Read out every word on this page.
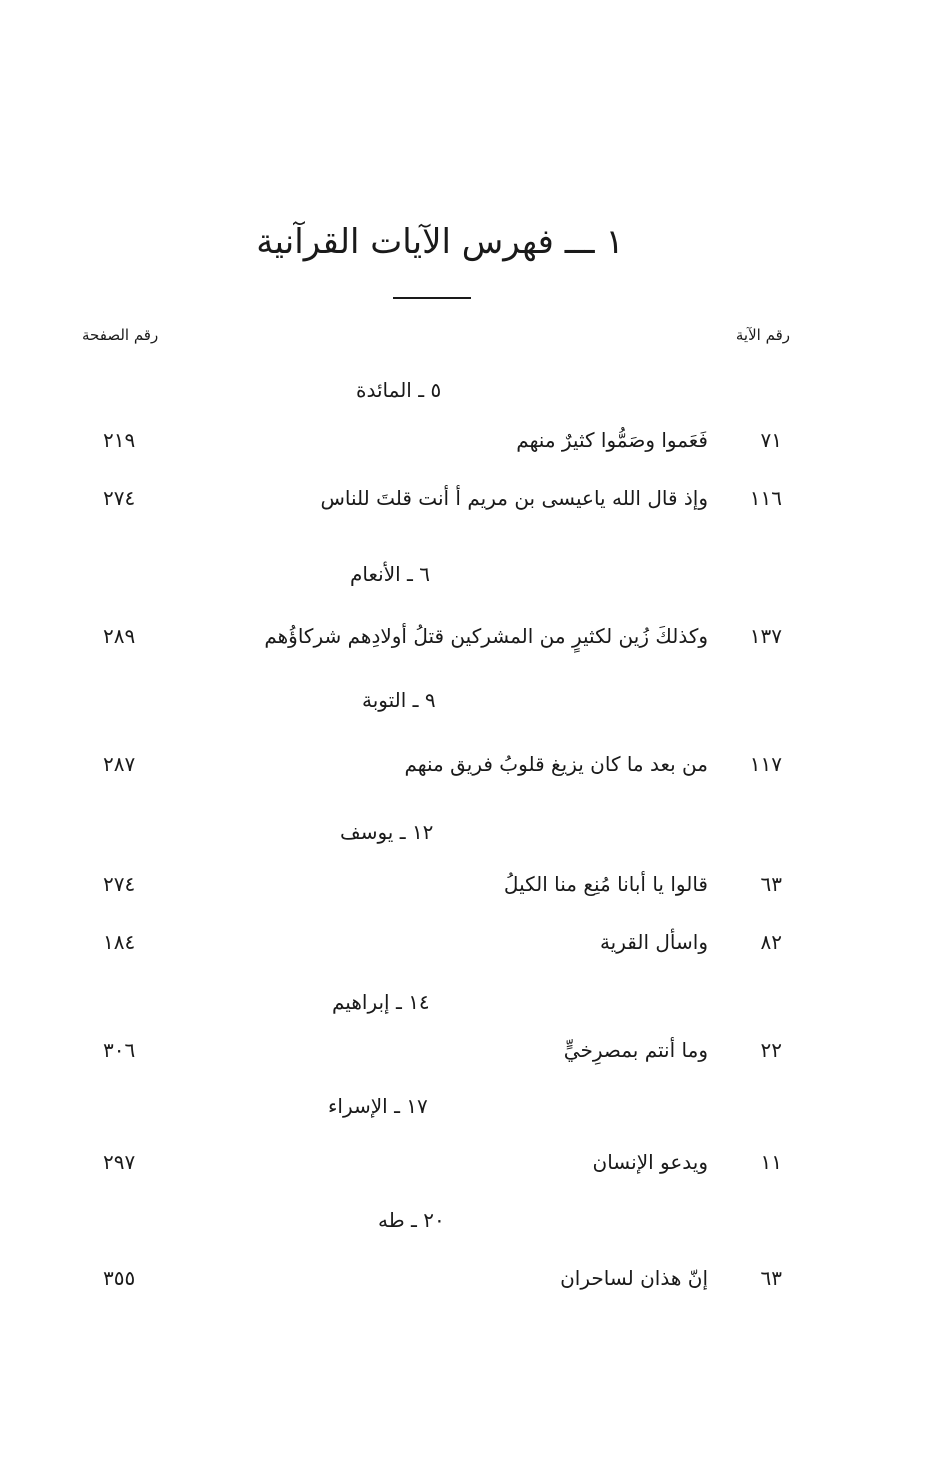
١ ـــ فهرس الآيات القرآنية
رقم الآية
رقم الصفحة
٥ ـ المائدة
٧١
فَعَموا وصَمُّوا كثيرٌ منهم
٢١٩
١١٦
وإذ قال الله ياعيسى بن مريم أ أنت قلتَ للناس
٢٧٤
٦ ـ الأنعام
١٣٧
وكذلكَ زُين لكثيرٍ من المشركين قتلُ أولادِهم شركاؤُهم
٢٨٩
٩ ـ التوبة
١١٧
من بعد ما كان يزيغ قلوبُ فريق منهم
٢٨٧
١٢ ـ يوسف
٦٣
قالوا يا أبانا مُنِع منا الكيلُ
٢٧٤
٨٢
واسأل القرية
١٨٤
١٤ ـ إبراهيم
٢٢
وما أنتم بمصرِخيٍّ
٣٠٦
١٧ ـ الإسراء
١١
ويدعو الإنسان
٢٩٧
٢٠ ـ طه
٦٣
إنّ هذان لساحران
٣٥٥
